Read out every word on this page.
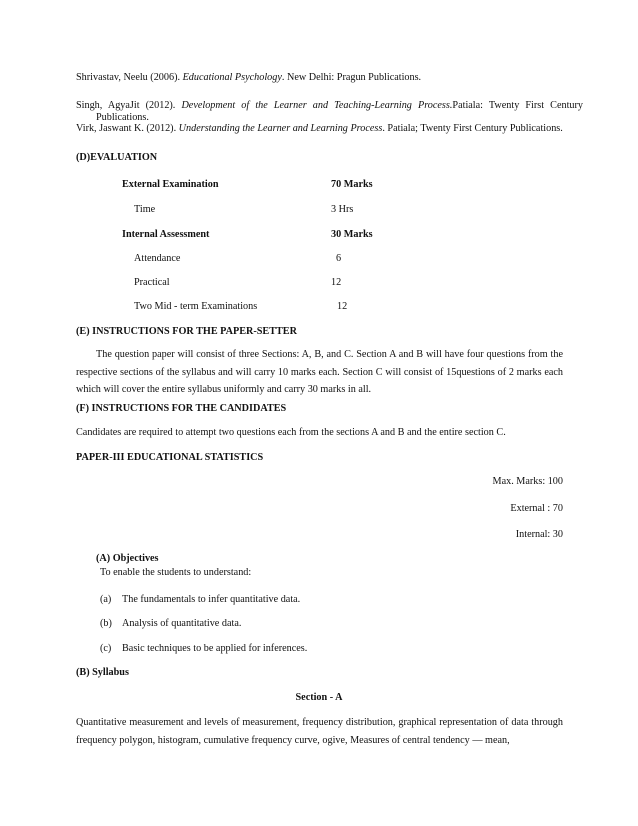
Shrivastav, Neelu (2006). Educational Psychology. New Delhi: Pragun Publications.
Singh, AgyaJit (2012). Development of the Learner and Teaching-Learning Process.Patiala: Twenty First Century Publications.
Virk, Jaswant K. (2012). Understanding the Learner and Learning Process. Patiala; Twenty First Century Publications.
(D)EVALUATION
External Examination	70 Marks
Time	3 Hrs
Internal Assessment	30 Marks
Attendance	6
Practical	12
Two Mid - term Examinations	12
(E) INSTRUCTIONS FOR THE PAPER-SETTER
The question paper will consist of three Sections: A, B, and C. Section A and B will have four questions from the respective sections of the syllabus and will carry 10 marks each. Section C will consist of 15questions of 2 marks each which will cover the entire syllabus uniformly and carry 30 marks in all.
(F) INSTRUCTIONS FOR THE CANDIDATES
Candidates are required to attempt two questions each from the sections A and B and the entire section C.
PAPER-III EDUCATIONAL STATISTICS
Max. Marks: 100
External : 70
Internal: 30
(A) Objectives
To enable the students to understand:
(a) The fundamentals to infer quantitative data.
(b) Analysis of quantitative data.
(c) Basic techniques to be applied for inferences.
(B) Syllabus
Section - A
Quantitative measurement and levels of measurement, frequency distribution, graphical representation of data through frequency polygon, histogram, cumulative frequency curve, ogive, Measures of central tendency — mean,
